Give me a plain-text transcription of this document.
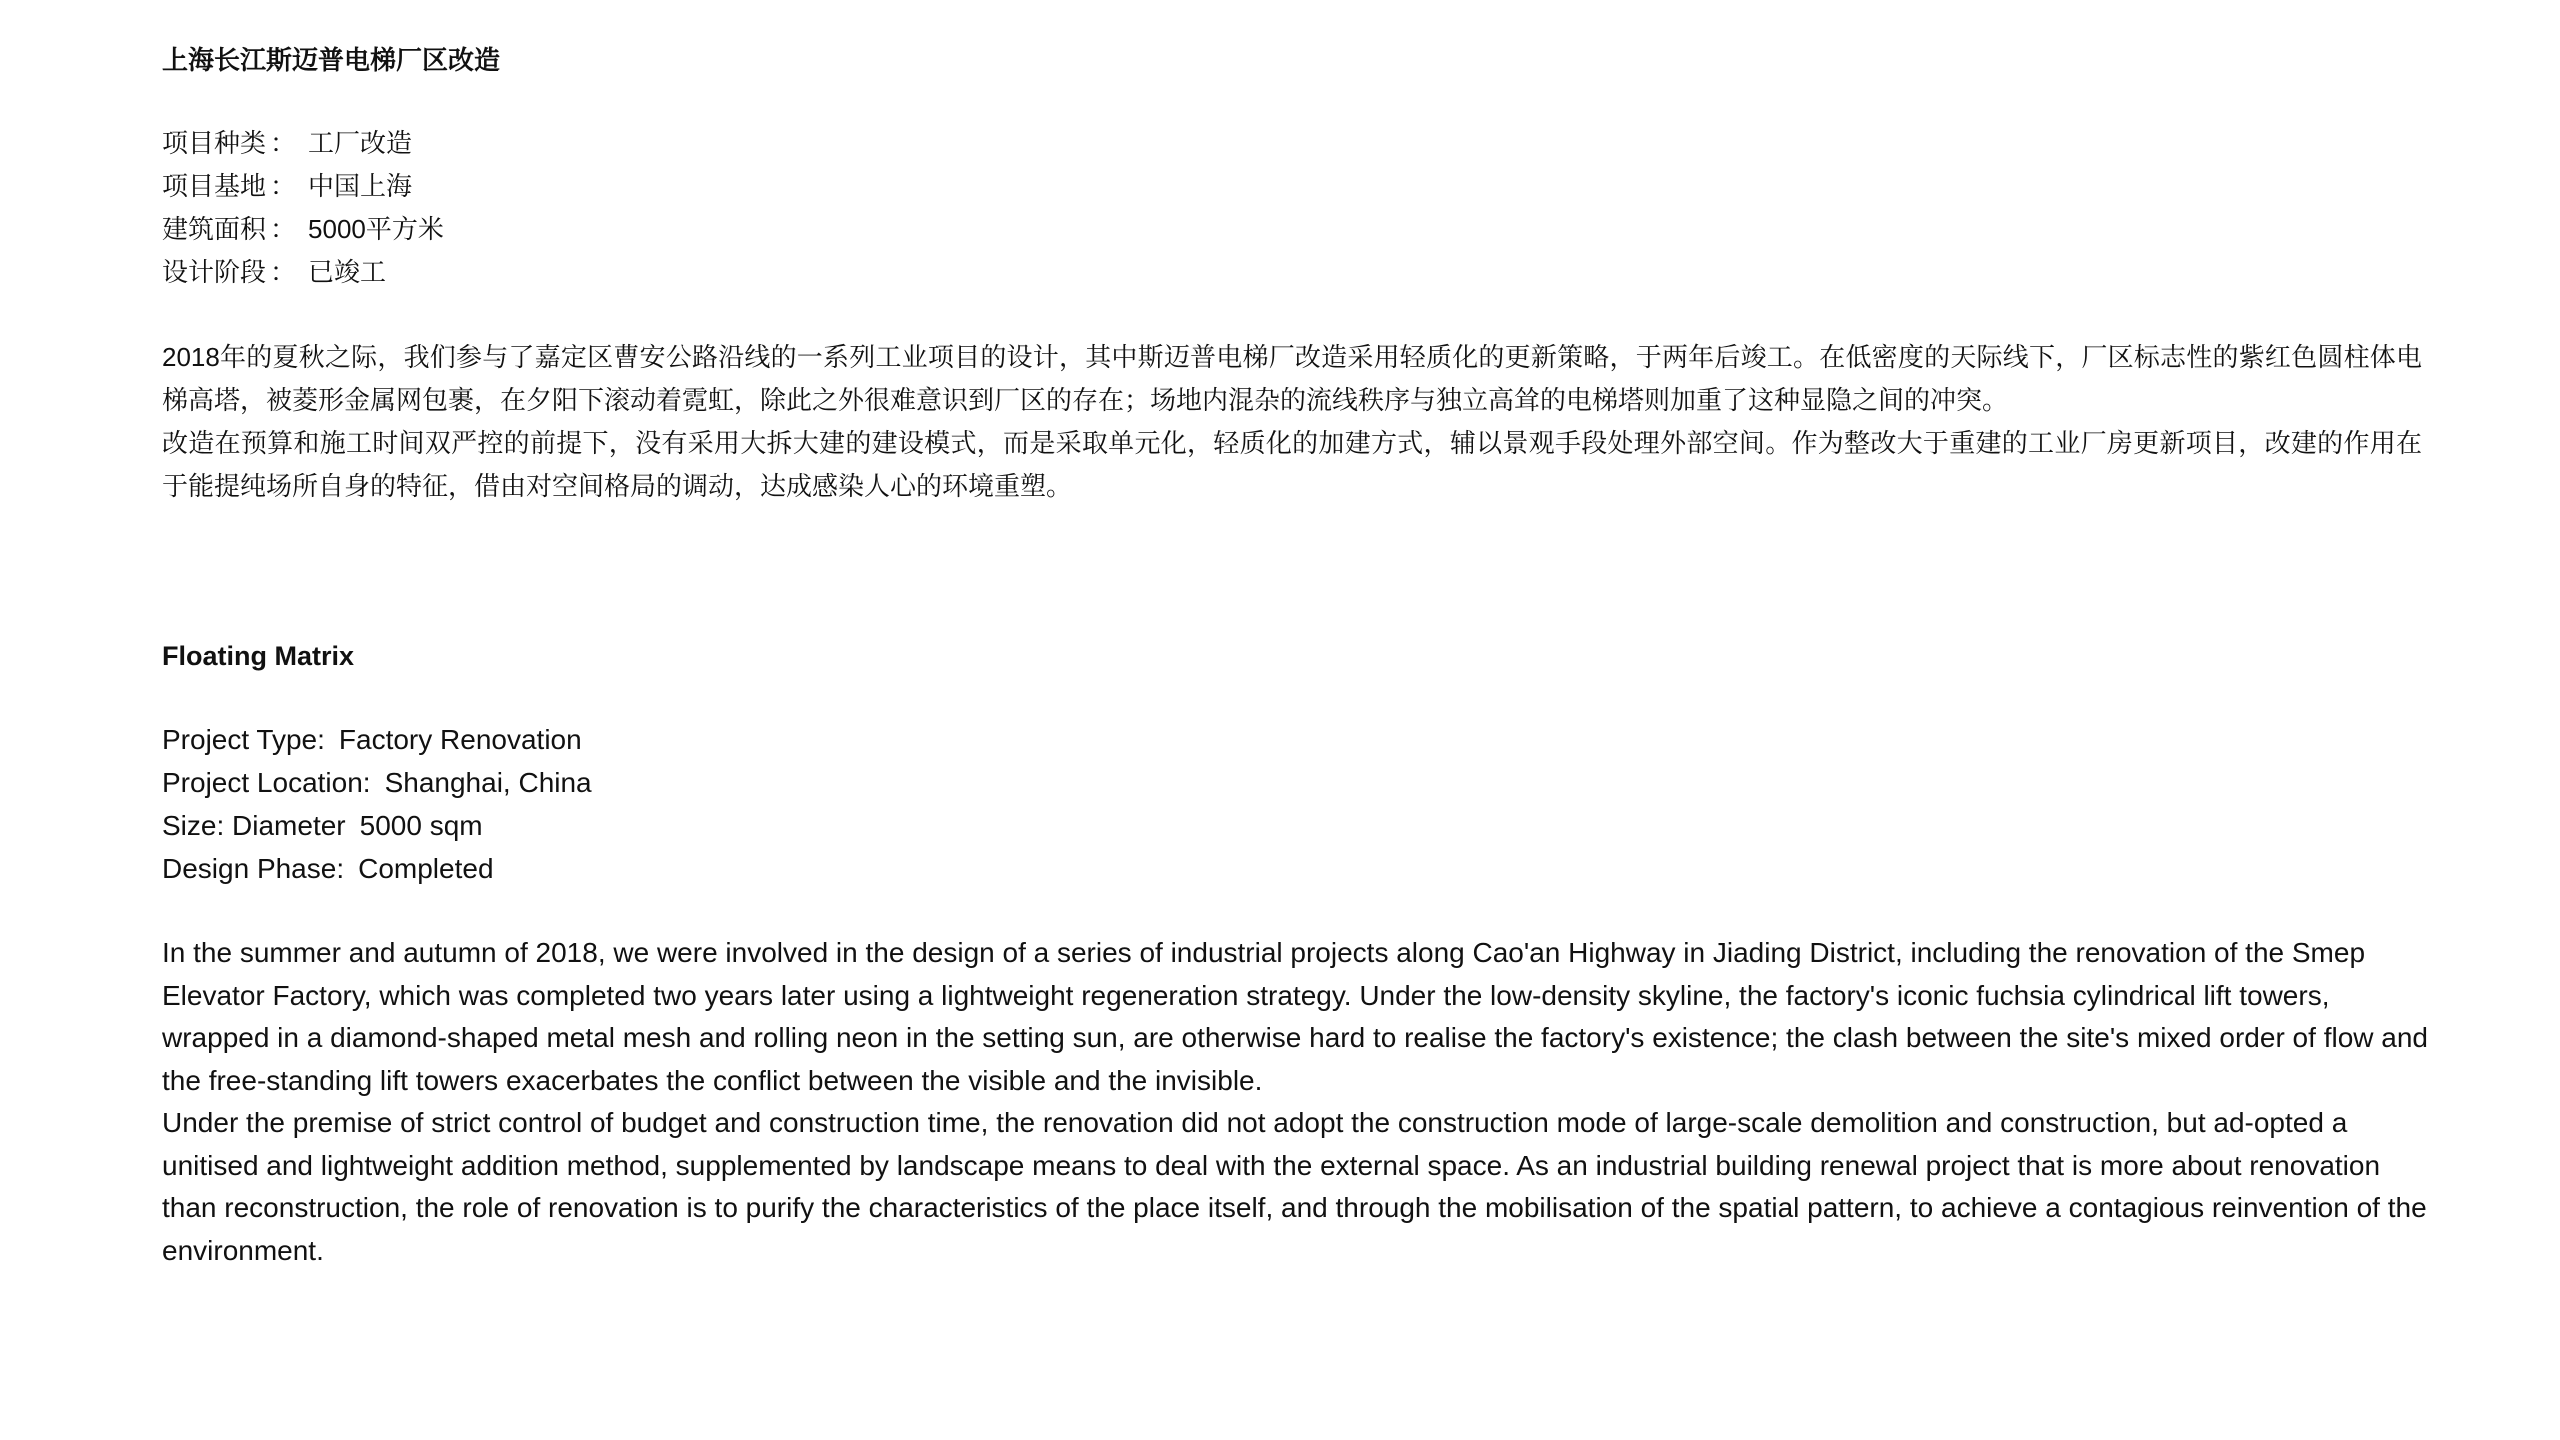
上海长江斯迈普电梯厂区改造
项目种类 ： 工厂改造
项目基地 ： 中国上海
建筑面积 ： 5000平方米
设计阶段 ： 已竣工

2018年的夏秋之际，我们参与了嘉定区曹安公路沿线的一系列工业项目的设计，其中斯迈普电梯厂改造采用轻质化的更新策略，于两年后竣工。在低密度的天际线下，厂区标志性的紫红色圆柱体电梯高塔，被菱形金属网包裹，在夕阳下滚动着霓虹，除此之外很难意识到厂区的存在；场地内混杂的流线秩序与独立高耸的电梯塔则加重了这种显隐之间的冲突。

改造在预算和施工时间双严控的前提下，没有采用大拆大建的建设模式，而是采取单元化，轻质化的加建方式，辅以景观手段处理外部空间。作为整改大于重建的工业厂房更新项目，改建的作用在于能提纯场所自身的特征，借由对空间格局的调动，达成感染人心的环境重塑。

Floating Matrix
Project Type: Factory Renovation
Project Location: Shanghai, China
Size: Diameter 5000 sqm
Design Phase: Completed

In the summer and autumn of 2018, we were involved in the design of a series of industrial projects along Cao'an Highway in Jiading District, including the renovation of the Smep Elevator Factory, which was completed two years later using a lightweight regeneration strategy. Under the low-density skyline, the factory's iconic fuchsia cylindrical lift towers, wrapped in a diamond-shaped metal mesh and rolling neon in the setting sun, are otherwise hard to realise the factory's existence; the clash between the site's mixed order of flow and the free-standing lift towers exacerbates the conflict between the visible and the invisible.

Under the premise of strict control of budget and construction time, the renovation did not adopt the construction mode of large-scale demolition and construction, but ad-opted a unitised and lightweight addition method, supplemented by landscape means to deal with the external space. As an industrial building renewal project that is more about renovation than reconstruction, the role of renovation is to purify the characteristics of the place itself, and through the mobilisation of the spatial pattern, to achieve a contagious reinvention of the environment.
